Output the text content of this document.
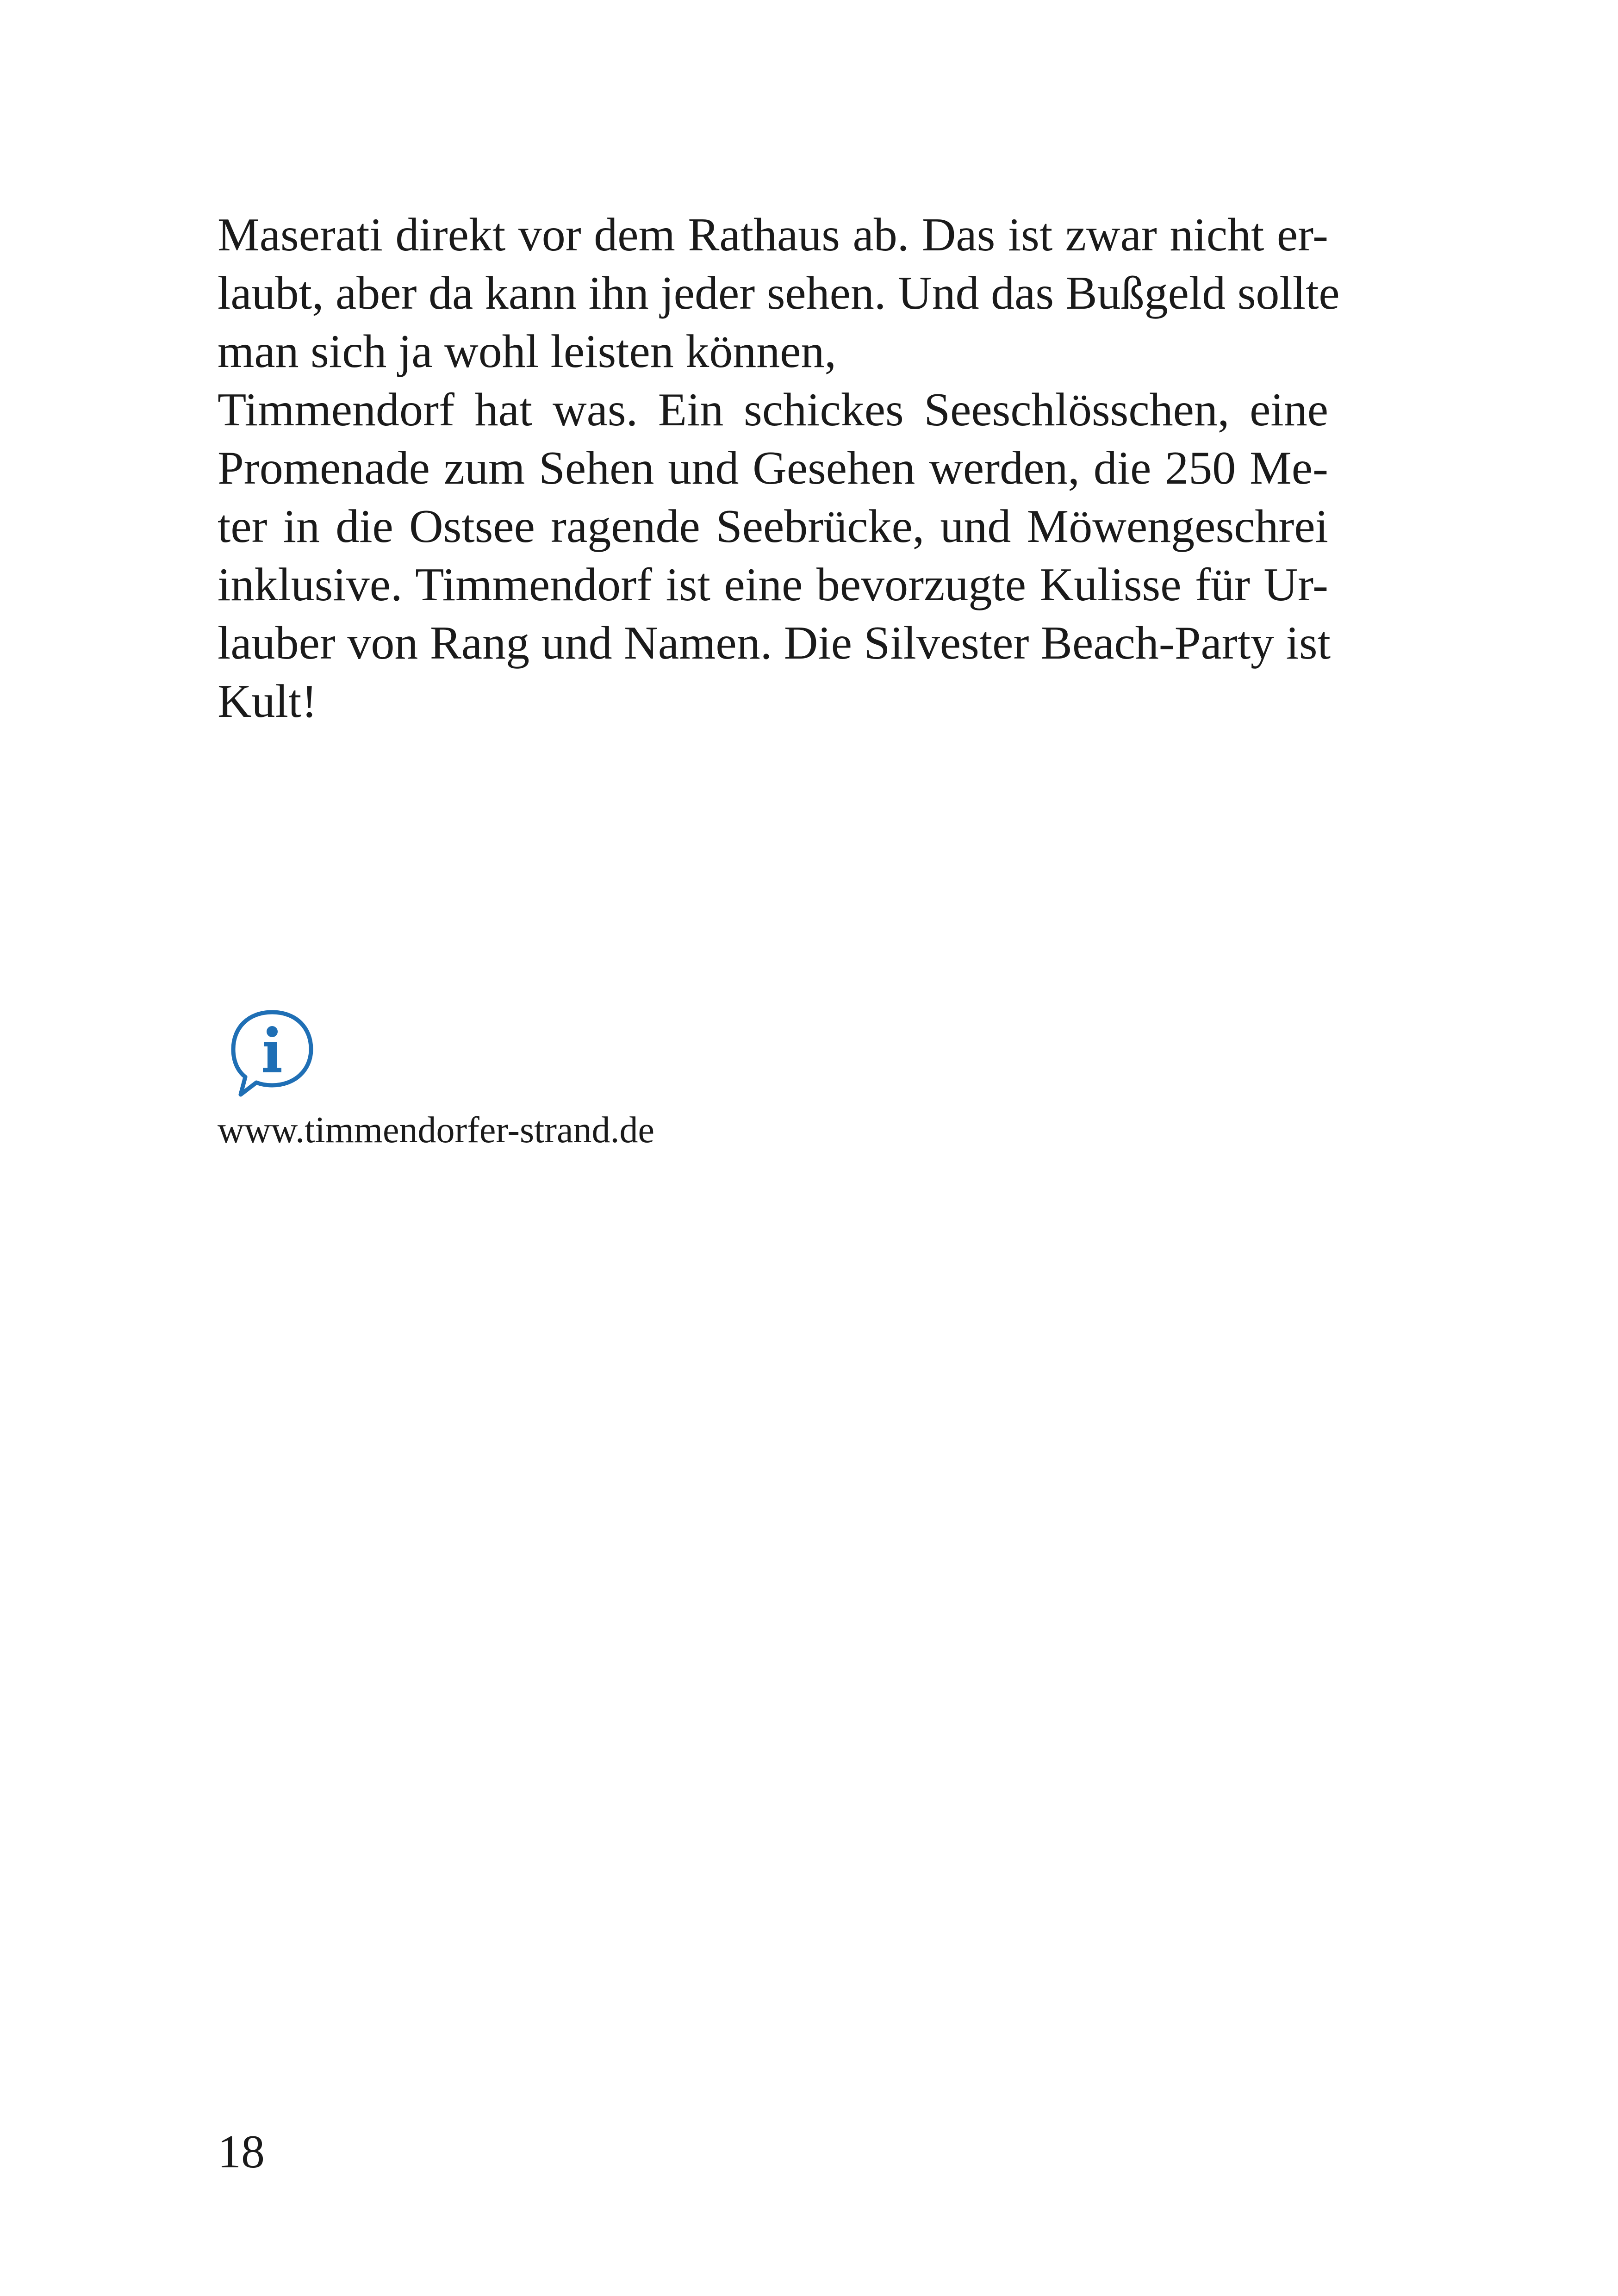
Maserati direkt vor dem Rathaus ab. Das ist zwar nicht er-
laubt, aber da kann ihn jeder sehen. Und das Bußgeld sollte
man sich ja wohl leisten können,
Timmendorf hat was. Ein schickes Seeschlösschen, eine
Promenade zum Sehen und Gesehen werden, die 250 Me-
ter in die Ostsee ragende Seebrücke, und Möwengeschrei
inklusive. Timmendorf ist eine bevorzugte Kulisse für Ur-
lauber von Rang und Namen. Die Silvester Beach-Party ist
Kult!
www.timmendorfer-strand.de
18
